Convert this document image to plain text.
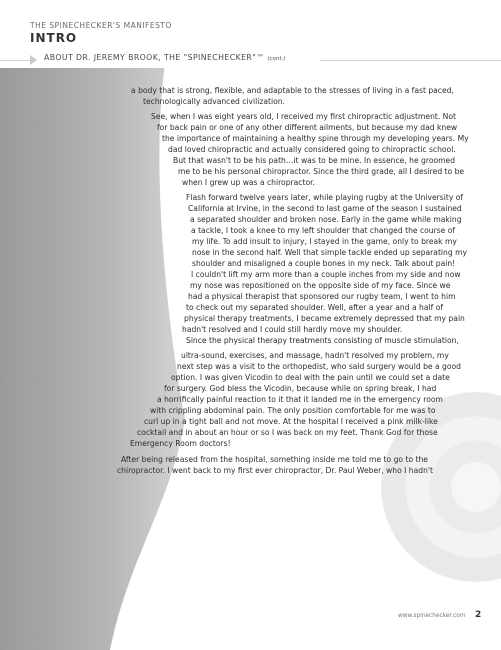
THE SPINECHECKER'S MANIFESTO
INTRO
ABOUT DR. JEREMY BROOK, THE "SPINECHECKER"™ (cont.)
a body that is strong, flexible, and adaptable to the stresses of living in a fast paced,
technologically advanced civilization.
See, when I was eight years old, I received my first chiropractic adjustment. Not
for back pain or one of any other different ailments, but because my dad knew
the importance of maintaining a healthy spine through my developing years. My
dad loved chiropractic and actually considered going to chiropractic school.
But that wasn't to be his path…it was to be mine. In essence, he groomed
me to be his personal chiropractor. Since the third grade, all I desired to be
when I grew up was a chiropractor.
Flash forward twelve years later, while playing rugby at the University of
California at Irvine, in the second to last game of the season I sustained
a separated shoulder and broken nose. Early in the game while making
a tackle, I took a knee to my left shoulder that changed the course of
my life. To add insult to injury, I stayed in the game, only to break my
nose in the second half. Well that simple tackle ended up separating my
shoulder and misaligned a couple bones in my neck. Talk about pain!
I couldn't lift my arm more than a couple inches from my side and now
my nose was repositioned on the opposite side of my face. Since we
had a physical therapist that sponsored our rugby team, I went to him
to check out my separated shoulder. Well, after a year and a half of
physical therapy treatments, I became extremely depressed that my pain
hadn't resolved and I could still hardly move my shoulder.
Since the physical therapy treatments consisting of muscle stimulation,
ultra-sound, exercises, and massage, hadn't resolved my problem, my
next step was a visit to the orthopedist, who said surgery would be a good
option. I was given Vicodin to deal with the pain until we could set a date
for surgery. God bless the Vicodin, because while on spring break, I had
a horrifically painful reaction to it that it landed me in the emergency room
with crippling abdominal pain. The only position comfortable for me was to
curl up in a tight ball and not move. At the hospital I received a pink milk-like
cocktail and in about an hour or so I was back on my feet. Thank God for those
Emergency Room doctors!
After being released from the hospital, something inside me told me to go to the
chiropractor. I went back to my first ever chiropractor, Dr. Paul Weber, who I hadn't
www.spinechecker.com 2
